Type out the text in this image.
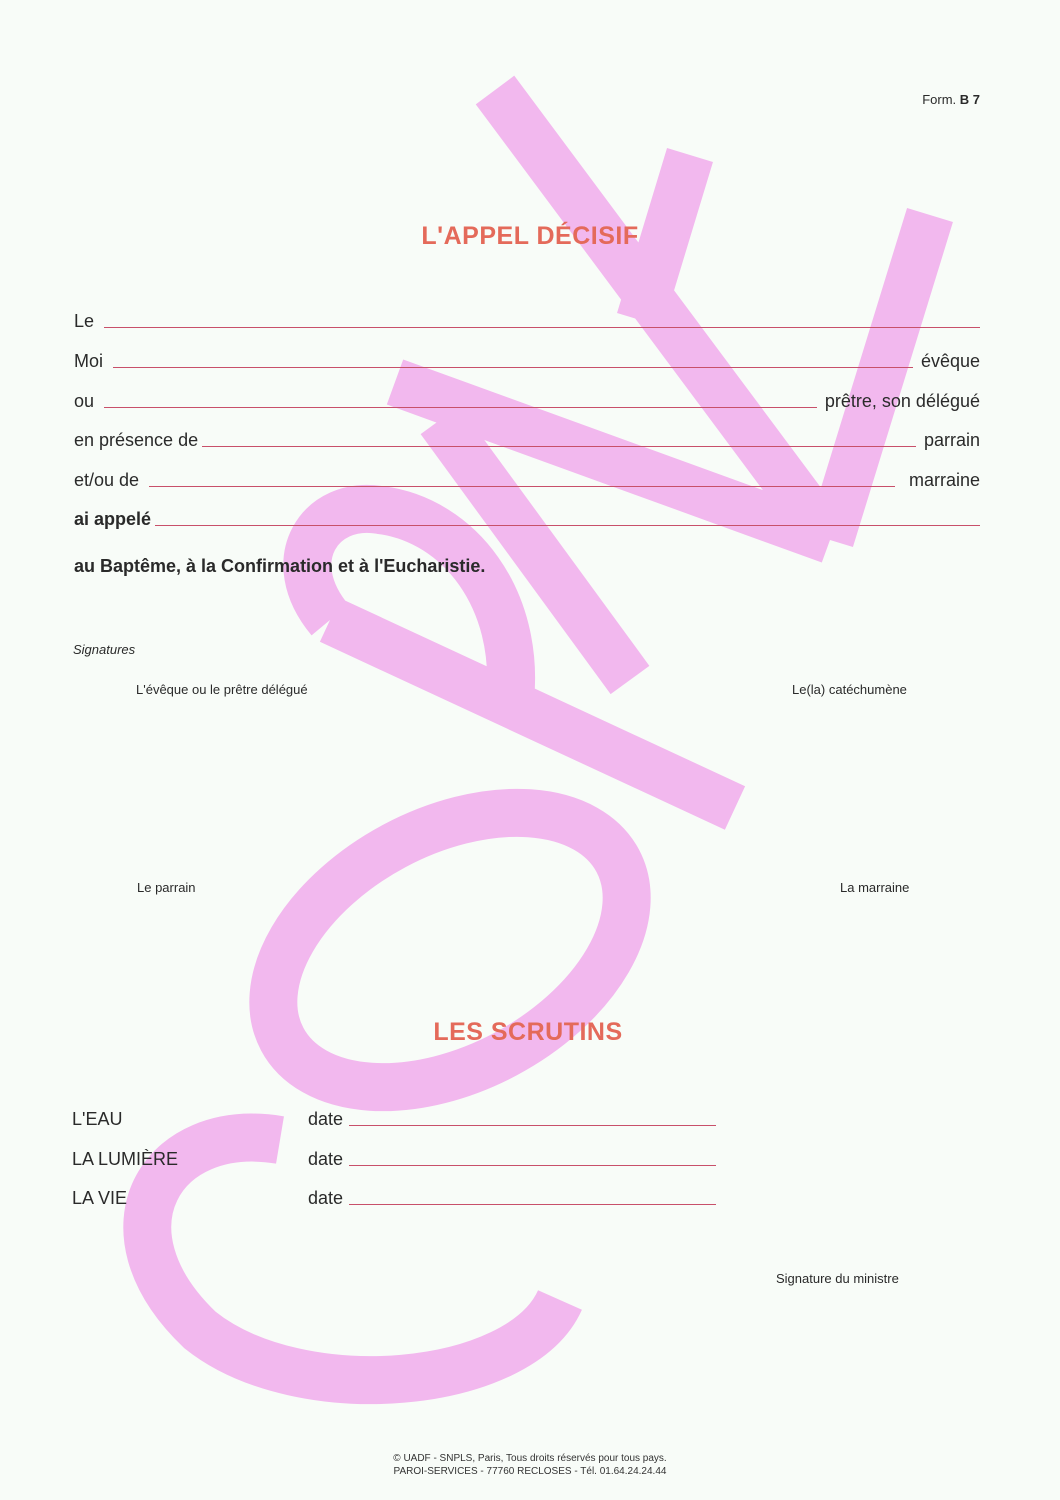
Form. B 7
L'APPEL DÉCISIF
Le
Moi	évêque
ou	prêtre, son délégué
en présence de	parrain
et/ou de	marraine
ai appelé
au Baptême, à la Confirmation et à l'Eucharistie.
Signatures
L'évêque ou le prêtre délégué	Le(la) catéchumène
Le parrain	La marraine
LES SCRUTINS
L'EAU	date
LA LUMIÈRE	date
LA VIE	date
Signature du ministre
© UADF - SNPLS, Paris, Tous droits réservés pour tous pays.
PAROI-SERVICES - 77760 RECLOSES - Tél. 01.64.24.24.44
